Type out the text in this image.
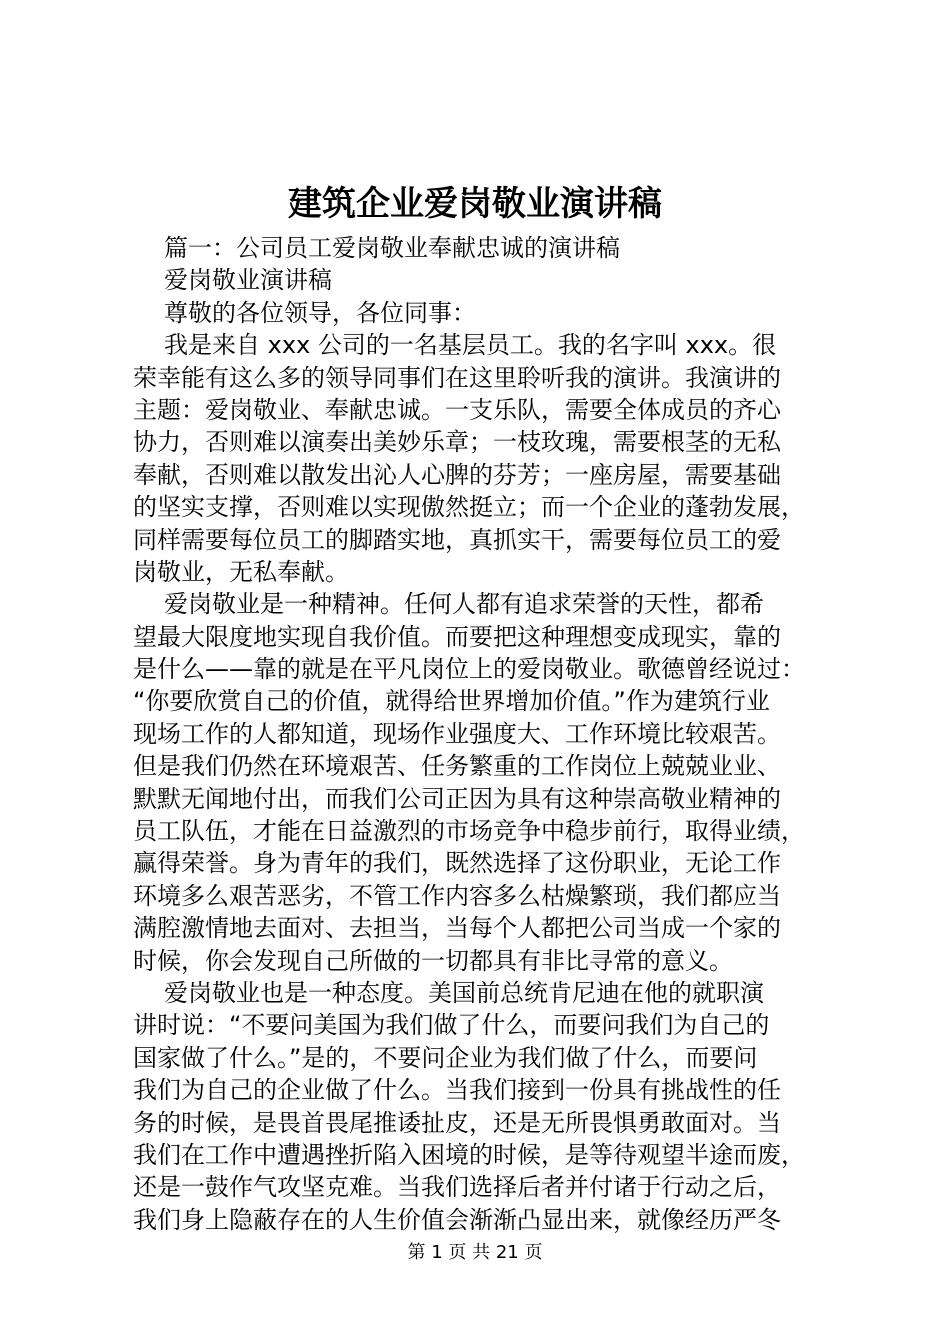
建筑企业爱岗敬业演讲稿

篇一：公司员工爱岗敬业奉献忠诚的演讲稿

爱岗敬业演讲稿

尊敬的各位领导，各位同事：

我是来自 xxx 公司的一名基层员工。我的名字叫 xxx。很

荣幸能有这么多的领导同事们在这里聆听我的演讲。我演讲的

主题：爱岗敬业、奉献忠诚。一支乐队，需要全体成员的齐心

协力，否则难以演奏出美妙乐章；一枝玫瑰，需要根茎的无私

奉献，否则难以散发出沁人心脾的芬芳；一座房屋，需要基础

的坚实支撑，否则难以实现傲然挺立；而一个企业的蓬勃发展，

同样需要每位员工的脚踏实地，真抓实干，需要每位员工的爱

岗敬业，无私奉献。

爱岗敬业是一种精神。任何人都有追求荣誉的天性，都希

望最大限度地实现自我价值。而要把这种理想变成现实，靠的

是什么——靠的就是在平凡岗位上的爱岗敬业。歌德曾经说过：

“你要欣赏自己的价值，就得给世界增加价值。”作为建筑行业

现场工作的人都知道，现场作业强度大、工作环境比较艰苦。

但是我们仍然在环境艰苦、任务繁重的工作岗位上兢兢业业、

默默无闻地付出，而我们公司正因为具有这种崇高敬业精神的

员工队伍，才能在日益激烈的市场竞争中稳步前行，取得业绩，

赢得荣誉。身为青年的我们，既然选择了这份职业，无论工作

环境多么艰苦恶劣，不管工作内容多么枯燥繁琐，我们都应当

满腔激情地去面对、去担当，当每个人都把公司当成一个家的

时候，你会发现自己所做的一切都具有非比寻常的意义。

爱岗敬业也是一种态度。美国前总统肯尼迪在他的就职演

讲时说：“不要问美国为我们做了什么，而要问我们为自己的

国家做了什么。”是的，不要问企业为我们做了什么，而要问

我们为自己的企业做了什么。当我们接到一份具有挑战性的任

务的时候，是畏首畏尾推诿扯皮，还是无所畏惧勇敢面对。当

我们在工作中遭遇挫折陷入困境的时候，是等待观望半途而废，

还是一鼓作气攻坚克难。当我们选择后者并付诸于行动之后，

我们身上隐蔽存在的人生价值会渐渐凸显出来，就像经历严冬

第 1 页 共 21 页
